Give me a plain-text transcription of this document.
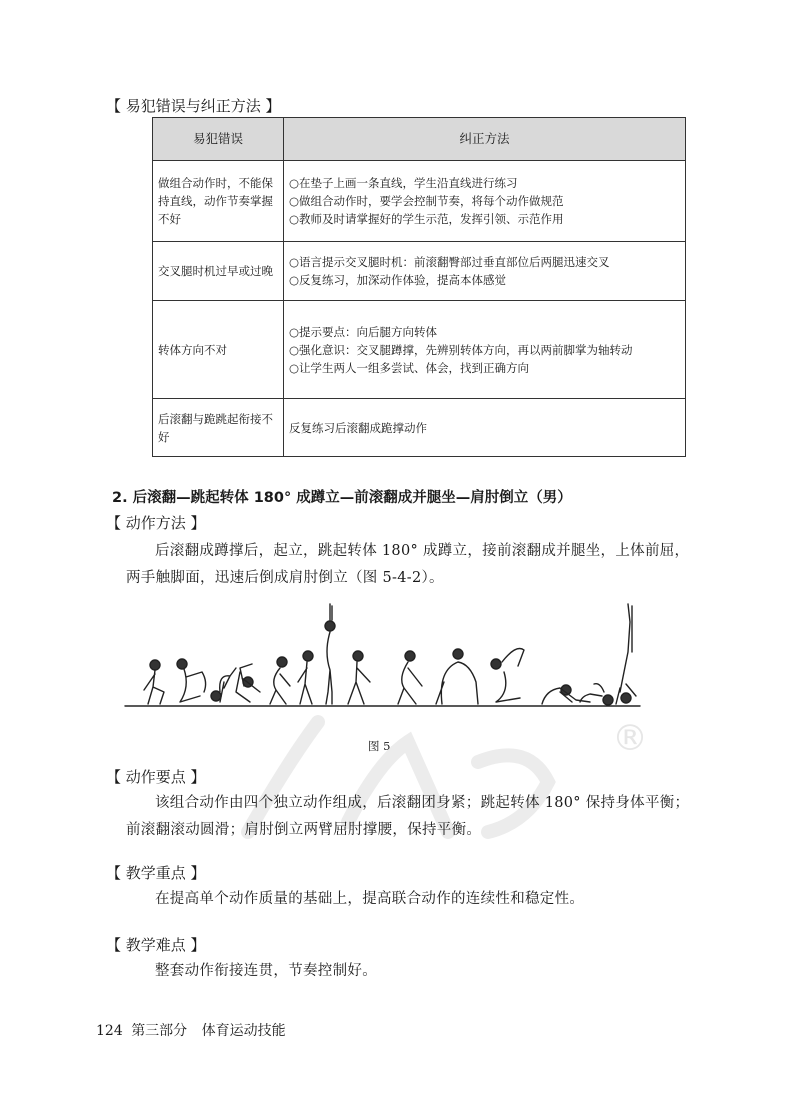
【 易犯错误与纠正方法 】
易犯错误	纠正方法
做组合动作时，不能保持直线，动作节奏掌握不好	○在垫子上画一条直线，学生沿直线进行练习
○做组合动作时，要学会控制节奏，将每个动作做规范
○教师及时请掌握好的学生示范，发挥引领、示范作用

交叉腿时机过早或过晚	○语言提示交叉腿时机：前滚翻臀部过垂直部位后两腿迅速交叉
○反复练习，加深动作体验，提高本体感觉

转体方向不对	○提示要点：向后腿方向转体
○强化意识：交叉腿蹲撑，先辨别转体方向，再以两前脚掌为轴转动
○让学生两人一组多尝试、体会，找到正确方向

后滚翻与跪跳起衔接不好	反复练习后滚翻成跪撑动作
2. 后滚翻—跳起转体 180° 成蹲立—前滚翻成并腿坐—肩肘倒立（男）
【 动作方法 】
后滚翻成蹲撑后，起立，跳起转体 180° 成蹲立，接前滚翻成并腿坐，上体前屈，两手触脚面，迅速后倒成肩肘倒立（图 5-4-2）。
图 5-4-2	®
【 动作要点 】
该组合动作由四个独立动作组成，后滚翻团身紧；跳起转体 180° 保持身体平衡；前滚翻滚动圆滑；肩肘倒立两臂屈肘撑腰，保持平衡。
【 教学重点 】
在提高单个动作质量的基础上，提高联合动作的连续性和稳定性。
【 教学难点 】
整套动作衔接连贯，节奏控制好。
124 第三部分 体育运动技能
